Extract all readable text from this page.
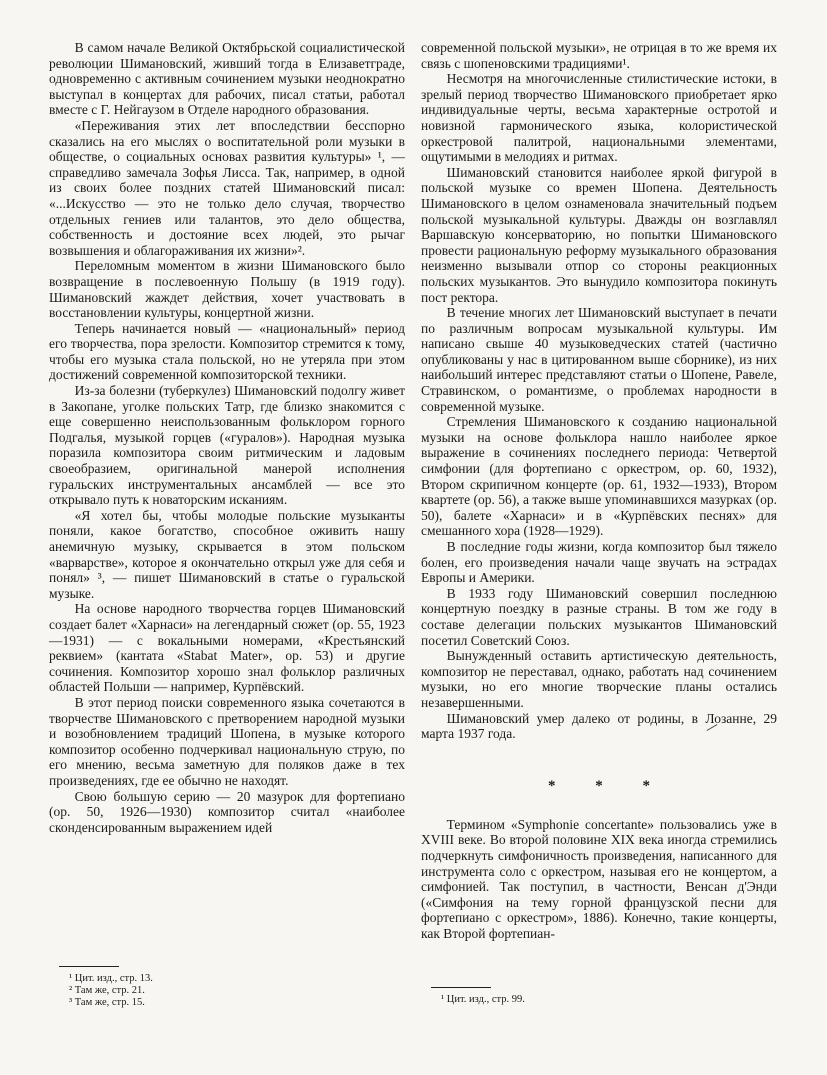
В самом начале Великой Октябрьской социалистической революции Шимановский, живший тогда в Елизаветграде, одновременно с активным сочинением музыки неоднократно выступал в концертах для рабочих, писал статьи, работал вместе с Г. Нейгаузом в Отделе народного образования.

«Переживания этих лет впоследствии бесспорно сказались на его мыслях о воспитательной роли музыки в обществе, о социальных основах развития культуры» ¹, — справедливо замечала Зофья Лисса. Так, например, в одной из своих более поздних статей Шимановский писал: «...Искусство — это не только дело случая, творчество отдельных гениев или талантов, это дело общества, собственность и достояние всех людей, это рычаг возвышения и облагораживания их жизни»².

Переломным моментом в жизни Шимановского было возвращение в послевоенную Польшу (в 1919 году). Шимановский жаждет действия, хочет участвовать в восстановлении культуры, концертной жизни.

Теперь начинается новый — «национальный» период его творчества, пора зрелости. Композитор стремится к тому, чтобы его музыка стала польской, но не утеряла при этом достижений современной композиторской техники.

Из-за болезни (туберкулез) Шимановский подолгу живет в Закопане, уголке польских Татр, где близко знакомится с еще совершенно неиспользованным фольклором горного Подгалья, музыкой горцев («гуралов»). Народная музыка поразила композитора своим ритмическим и ладовым своеобразием, оригинальной манерой исполнения гуральских инструментальных ансамблей — все это открывало путь к новаторским исканиям.

«Я хотел бы, чтобы молодые польские музыканты поняли, какое богатство, способное оживить нашу анемичную музыку, скрывается в этом польском «варварстве», которое я окончательно открыл уже для себя и понял» ³, — пишет Шимановский в статье о гуральской музыке.

На основе народного творчества горцев Шимановский создает балет «Харнаси» на легендарный сюжет (ор. 55, 1923—1931) — с вокальными номерами, «Крестьянский реквием» (кантата «Stabat Mater», ор. 53) и другие сочинения. Композитор хорошо знал фольклор различных областей Польши — например, Курпёвский.

В этот период поиски современного языка сочетаются в творчестве Шимановского с претворением народной музыки и возобновлением традиций Шопена, в музыке которого композитор особенно подчеркивал национальную струю, по его мнению, весьма заметную для поляков даже в тех произведениях, где ее обычно не находят.

Свою большую серию — 20 мазурок для фортепиано (ор. 50, 1926—1930) композитор считал «наиболее сконденсированным выражением идей

¹ Цит. изд., стр. 13.
² Там же, стр. 21.
³ Там же, стр. 15.

современной польской музыки», не отрицая в то же время их связь с шопеновскими традициями¹.

Несмотря на многочисленные стилистические истоки, в зрелый период творчество Шимановского приобретает ярко индивидуальные черты, весьма характерные остротой и новизной гармонического языка, колористической оркестровой палитрой, национальными элементами, ощутимыми в мелодиях и ритмах.

Шимановский становится наиболее яркой фигурой в польской музыке со времен Шопена. Деятельность Шимановского в целом ознаменовала значительный подъем польской музыкальной культуры. Дважды он возглавлял Варшавскую консерваторию, но попытки Шимановского провести рациональную реформу музыкального образования неизменно вызывали отпор со стороны реакционных польских музыкантов. Это вынудило композитора покинуть пост ректора.

В течение многих лет Шимановский выступает в печати по различным вопросам музыкальной культуры. Им написано свыше 40 музыковедческих статей (частично опубликованы у нас в цитированном выше сборнике), из них наибольший интерес представляют статьи о Шопене, Равеле, Стравинском, о романтизме, о проблемах народности в современной музыке.

Стремления Шимановского к созданию национальной музыки на основе фольклора нашло наиболее яркое выражение в сочинениях последнего периода: Четвертой симфонии (для фортепиано с оркестром, ор. 60, 1932), Втором скрипичном концерте (ор. 61, 1932—1933), Втором квартете (ор. 56), а также выше упоминавшихся мазурках (ор. 50), балете «Харнаси» и в «Курпёвских песнях» для смешанного хора (1928—1929).

В последние годы жизни, когда композитор был тяжело болен, его произведения начали чаще звучать на эстрадах Европы и Америки.

В 1933 году Шимановский совершил последнюю концертную поездку в разные страны. В том же году в составе делегации польских музыкантов Шимановский посетил Советский Союз.

Вынужденный оставить артистическую деятельность, композитор не переставал, однако, работать над сочинением музыки, но его многие творческие планы остались незавершенными.

Шимановский умер далеко от родины, в Лозанне, 29 марта 1937 года.

* * *

Термином «Symphonie concertante» пользовались уже в XVIII веке. Во второй половине XIX века иногда стремились подчеркнуть симфоничность произведения, написанного для инструмента соло с оркестром, называя его не концертом, а симфонией. Так поступил, в частности, Венсан д'Энди («Симфония на тему горной французской песни для фортепиано с оркестром», 1886). Конечно, такие концерты, как Второй фортепиан-

¹ Цит. изд., стр. 99.
